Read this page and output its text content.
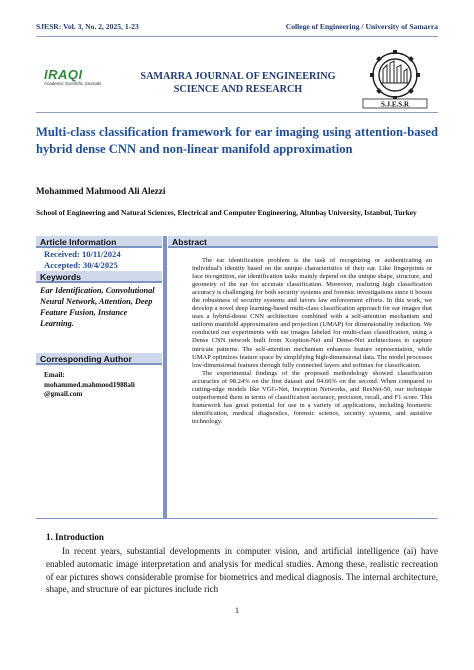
SJESR: Vol. 3, No. 2, 2025, 1-23	College of Engineering / University of Samarra
IRAQI
Academic Scientific Journals
SAMARRA JOURNAL OF ENGINEERING
SCIENCE AND RESEARCH
S.J.E.S.R
Multi-class classification framework for ear imaging using attention-based hybrid dense CNN and non-linear manifold approximation
Mohammed Mahmood Ali Alezzi
School of Engineering and Natural Sciences, Electrical and Computer Engineering, Altınbaş University, Istanbul, Turkey
Article Information
Received: 10/11/2024
Accepted: 30/4/2025
Keywords
Ear Identification, Convolutional Neural Network, Attention, Deep Feature Fusion, Instance Learning.
Corresponding Author
Email:
mohammed.mahmood1988ali
@gmail.com
Abstract

The ear identification problem is the task of recognizing or authenticating an individual's identity based on the unique characteristics of their ear. Like fingerprints or face recognition, ear identification tasks mainly depend on the unique shape, structure, and geometry of the ear for accurate classification. Moreover, realizing high classification accuracy is challenging for both security systems and forensic investigations since it boosts the robustness of security systems and favors law enforcement efforts. In this work, we develop a novel deep learning-based multi-class classification approach for ear images that uses a hybrid-dense CNN architecture combined with a self-attention mechanism and uniform manifold approximation and projection (UMAP) for dimensionality reduction. We conducted our experiments with ear images labeled for multi-class classification, using a Dense CNN network built from Xception-Net and Dense-Net architectures to capture intricate patterns. The self-attention mechanism enhances feature representation, while UMAP optimizes feature space by simplifying high-dimensional data. The model processes low-dimensional features through fully connected layers and softmax for classification.

The experimental findings of the proposed methodology showed classification accuracies of 98.24% on the first dataset and 94.66% on the second. When compared to cutting-edge models like VGG-Net, Inception Networks, and ResNet-50, our technique outperformed them in terms of classification accuracy, precision, recall, and F1 score. This framework has great potential for use in a variety of applications, including biometric identification, medical diagnostics, forensic science, security systems, and assistive technology.

1. Introduction
In recent years, substantial developments in computer vision, and artificial intelligence (ai) have enabled automatic image interpretation and analysis for medical studies. Among these, realistic recreation of ear pictures shows considerable promise for biometrics and medical diagnosis. The internal architecture, shape, and structure of ear pictures include rich
1
